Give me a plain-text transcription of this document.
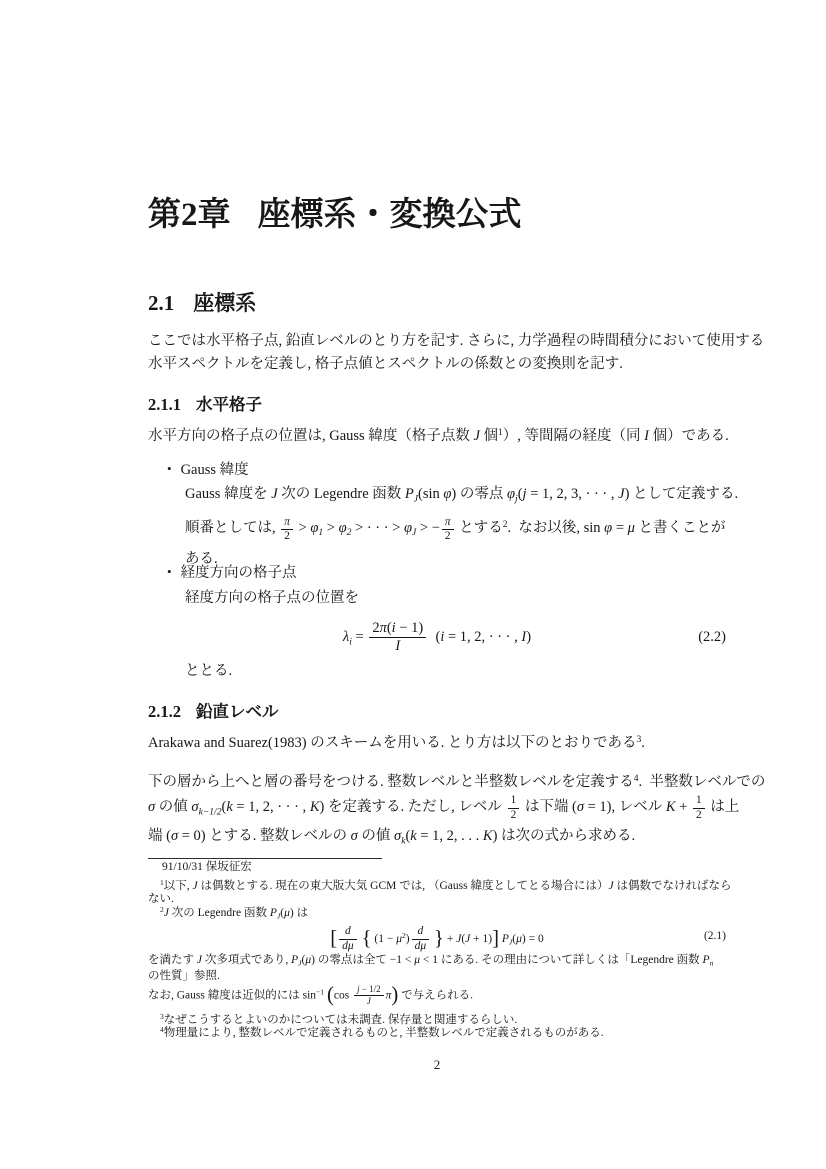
第2章 座標系・変換公式
2.1 座標系
ここでは水平格子点, 鉛直レベルのとり方を記す. さらに, 力学過程の時間積分において使用する
水平スペクトルを定義し, 格子点値とスペクトルの係数との変換則を記す.
2.1.1 水平格子
水平方向の格子点の位置は, Gauss 緯度（格子点数 J 個$^1$）, 等間隔の経度（同 I 個）である.
• Gauss 緯度
Gauss 緯度を J 次の Legendre 函数 $P_J(\sin$ φ) の零点 $\varphi_j(j = 1$, 2, 3, · · · , J) として定義する.
順番としては, $\frac{\pi}{2} > \varphi_1 > \varphi_2$ > · · · > $\varphi_J$ > − $\frac{\pi}{2}$ とする$^2$.  なお以後, sin φ = μ と書くことが
ある.
• 経度方向の格子点
経度方向の格子点の位置を
$\lambda_i = \frac{2\pi(i - 1)}{I} (i = 1$, 2, · · · , I)	(2.2)
ととる.
2.1.2 鉛直レベル
Arakawa and Suarez(1983) のスキームを用いる. とり方は以下のとおりである$^3$.
下の層から上へと層の番号をつける. 整数レベルと半整数レベルを定義する$^4$.  半整数レベルでの
σ の値 $\sigma_{k-1/2}(k = 1$, 2, · · · , K) を定義する. ただし, レベル $\frac{1}{2}$ は下端 (σ = 1), レベル $K + \frac{1}{2}$ は上
端 (σ = 0) とする. 整数レベルの σ の値 $\sigma_k(k = 1$, 2, . . . K) は次の式から求める.
91/10/31 保坂征宏
$^1$以下, J は偶数とする. 現在の東大版大気 GCM では, （Gauss 緯度としてとる場合には）J は偶数でなければなら
ない.
$^2$J 次の Legendre 函数 $P_J(\mu)$ は
[ $\frac{d}{d\mu}$ { $(1 - \mu^2) \frac{d}{d\mu}$ } + J(J + 1)] $P_J(\mu) = 0$	(2.1)
を満たす J 次多項式であり, $P_J(\mu)$ の零点は全て −1 < μ < 1 にある. その理由について詳しくは「Legendre 函数 $P_n$
の性質」参照.
なお, Gauss 緯度は近似的には $\sin^{-1} (\cos \frac{j - 1/2}{J} \pi)$ で与えられる.
$^3$なぜこうするとよいのかについては未調査. 保存量と関連するらしい.
$^4$物理量により, 整数レベルで定義されるものと, 半整数レベルで定義されるものがある.
2
